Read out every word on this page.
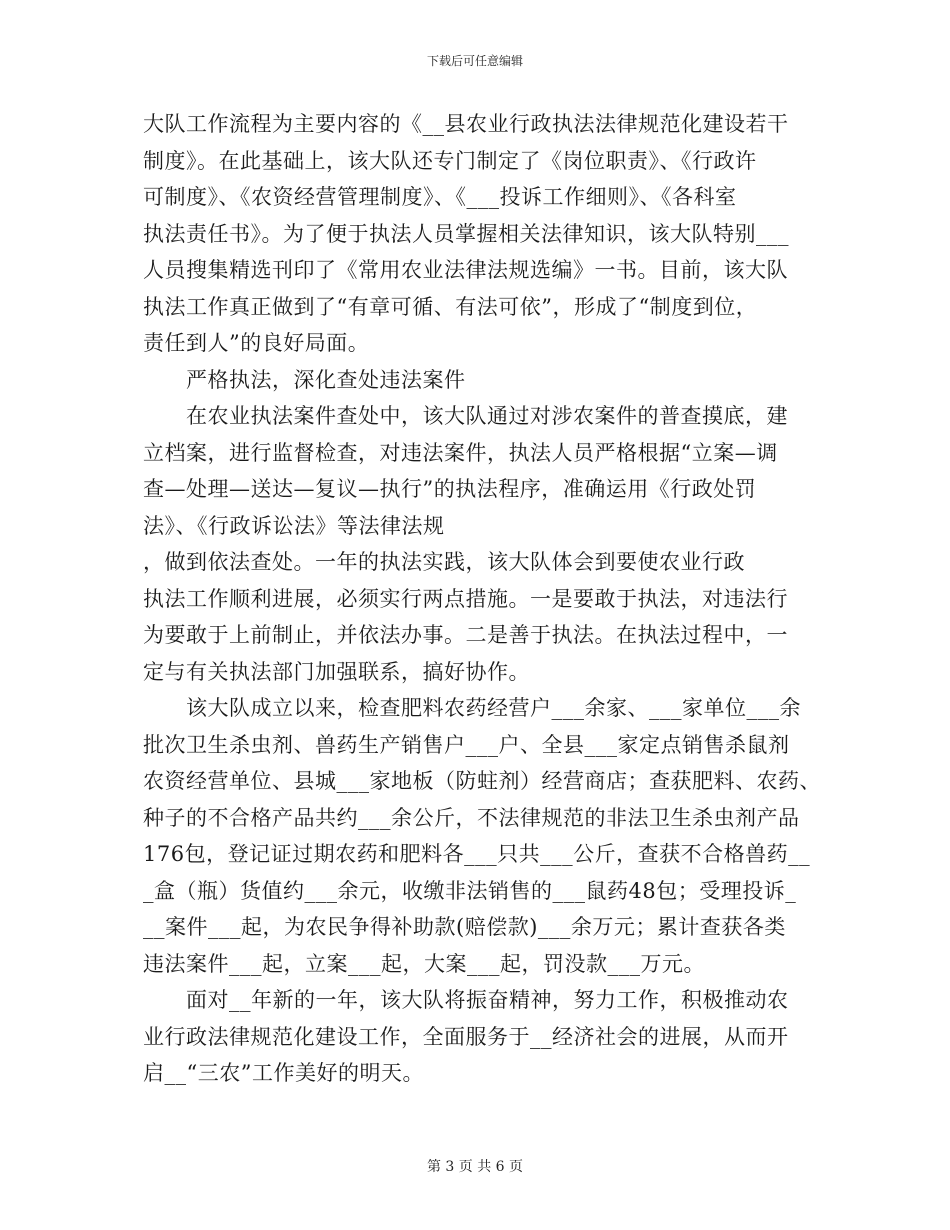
下载后可任意编辑
大队工作流程为主要内容的《__县农业行政执法法律规范化建设若干
制度》。在此基础上，该大队还专门制定了《岗位职责》、《行政许
可制度》、《农资经营管理制度》、《___投诉工作细则》、《各科室
执法责任书》。为了便于执法人员掌握相关法律知识，该大队特别___
人员搜集精选刊印了《常用农业法律法规选编》一书。目前，该大队
执法工作真正做到了“有章可循、有法可依”，形成了“制度到位，
责任到人”的良好局面。
　　严格执法，深化查处违法案件
　　在农业执法案件查处中，该大队通过对涉农案件的普查摸底，建
立档案，进行监督检查，对违法案件，执法人员严格根据“立案—调
查—处理—送达—复议—执行”的执法程序，准确运用《行政处罚
法》、《行政诉讼法》等法律法规
，做到依法查处。一年的执法实践，该大队体会到要使农业行政
执法工作顺利进展，必须实行两点措施。一是要敢于执法，对违法行
为要敢于上前制止，并依法办事。二是善于执法。在执法过程中，一
定与有关执法部门加强联系，搞好协作。
　　该大队成立以来，检查肥料农药经营户___余家、___家单位___余
批次卫生杀虫剂、兽药生产销售户___户、全县___家定点销售杀鼠剂
农资经营单位、县城___家地板（防蛀剂）经营商店；查获肥料、农药、
种子的不合格产品共约___余公斤，不法律规范的非法卫生杀虫剂产品
176包，登记证过期农药和肥料各___只共___公斤，查获不合格兽药__
_盒（瓶）货值约___余元，收缴非法销售的___鼠药48包；受理投诉_
__案件___起，为农民争得补助款(赔偿款)___余万元；累计查获各类
违法案件___起，立案___起，大案___起，罚没款___万元。
　　面对__年新的一年，该大队将振奋精神，努力工作，积极推动农
业行政法律规范化建设工作，全面服务于__经济社会的进展，从而开
启__“三农”工作美好的明天。
第 3 页 共 6 页
